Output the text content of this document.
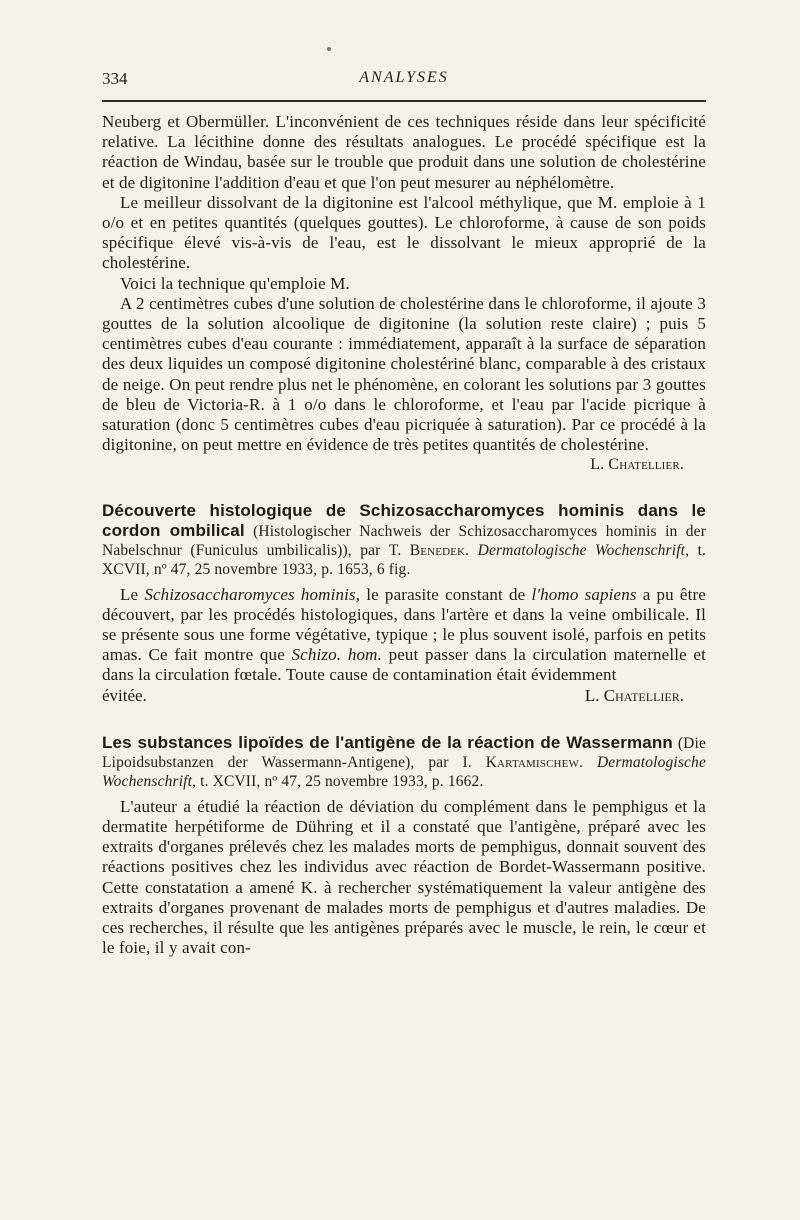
334	ANALYSES

Neuberg et Obermüller. L'inconvénient de ces techniques réside dans leur spécificité relative. La lécithine donne des résultats analogues. Le procédé spécifique est la réaction de Windau, basée sur le trouble que produit dans une solution de cholestérine et de digitonine l'addition d'eau et que l'on peut mesurer au néphélomètre.

Le meilleur dissolvant de la digitonine est l'alcool méthylique, que M. emploie à 1 o/o et en petites quantités (quelques gouttes). Le chloroforme, à cause de son poids spécifique élevé vis-à-vis de l'eau, est le dissolvant le mieux approprié de la cholestérine.

Voici la technique qu'emploie M.

A 2 centimètres cubes d'une solution de cholestérine dans le chloroforme, il ajoute 3 gouttes de la solution alcoolique de digitonine (la solution reste claire) ; puis 5 centimètres cubes d'eau courante : immédiatement, apparaît à la surface de séparation des deux liquides un composé digitonine cholestériné blanc, comparable à des cristaux de neige. On peut rendre plus net le phénomène, en colorant les solutions par 3 gouttes de bleu de Victoria-R. à 1 o/o dans le chloroforme, et l'eau par l'acide picrique à saturation (donc 5 centimètres cubes d'eau picriquée à saturation). Par ce procédé à la digitonine, on peut mettre en évidence de très petites quantités de cholestérine.

L. Chatellier.

Découverte histologique de Schizosaccharomyces hominis dans le cordon ombilical (Histologischer Nachweis der Schizosaccharomyces hominis in der Nabelschnur (Funiculus umbilicalis)), par T. Benedek. Dermatologische Wochenschrift, t. XCVII, nº 47, 25 novembre 1933, p. 1653, 6 fig.

Le Schizosaccharomyces hominis, le parasite constant de l'homo sapiens a pu être découvert, par les procédés histologiques, dans l'artère et dans la veine ombilicale. Il se présente sous une forme végétative, typique ; le plus souvent isolé, parfois en petits amas. Ce fait montre que Schizo. hom. peut passer dans la circulation maternelle et dans la circulation fœtale. Toute cause de contamination était évidemment

évitée.	L. Chatellier.

Les substances lipoïdes de l'antigène de la réaction de Wassermann (Die Lipoidsubstanzen der Wassermann-Antigene), par I. Kartamischew. Dermatologische Wochenschrift, t. XCVII, nº 47, 25 novembre 1933, p. 1662.

L'auteur a étudié la réaction de déviation du complément dans le pemphigus et la dermatite herpétiforme de Dühring et il a constaté que l'antigène, préparé avec les extraits d'organes prélevés chez les malades morts de pemphigus, donnait souvent des réactions positives chez les individus avec réaction de Bordet-Wassermann positive. Cette constatation a amené K. à rechercher systématiquement la valeur antigène des extraits d'organes provenant de malades morts de pemphigus et d'autres maladies. De ces recherches, il résulte que les antigènes préparés avec le muscle, le rein, le cœur et le foie, il y avait con-
